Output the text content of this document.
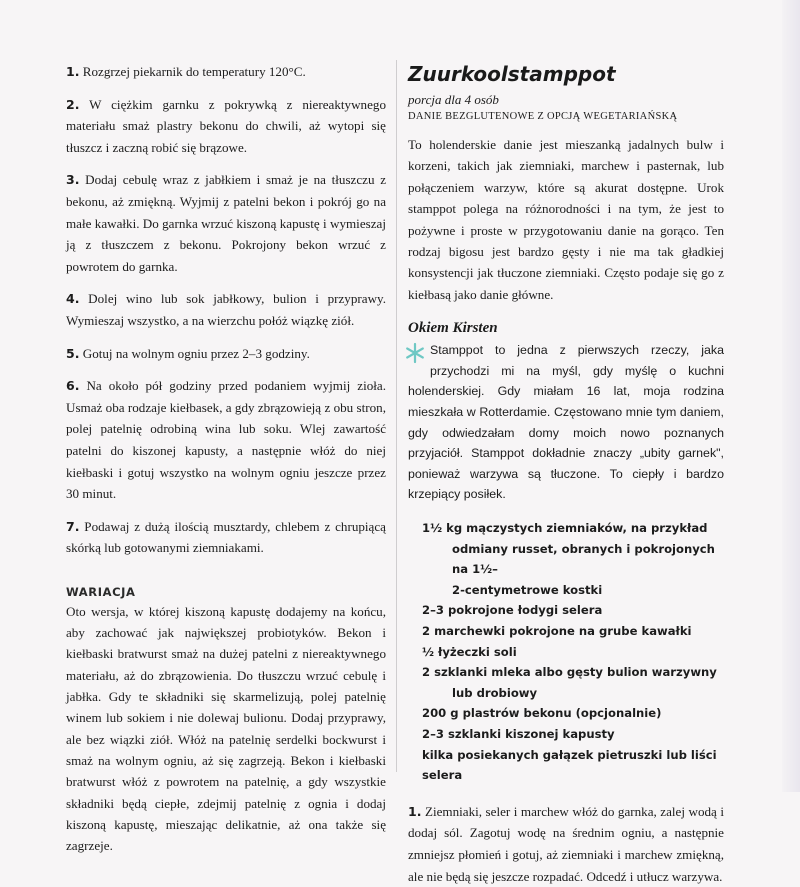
1. Rozgrzej piekarnik do temperatury 120°C.

2. W ciężkim garnku z pokrywką z niereaktywnego materiału smaż plastry bekonu do chwili, aż wytopi się tłuszcz i zaczną robić się brązowe.

3. Dodaj cebulę wraz z jabłkiem i smaż je na tłuszczu z bekonu, aż zmiękną. Wyjmij z patelni bekon i pokrój go na małe kawałki. Do garnka wrzuć kiszoną kapustę i wymieszaj ją z tłuszczem z bekonu. Pokrojony bekon wrzuć z powrotem do garnka.

4. Dolej wino lub sok jabłkowy, bulion i przyprawy. Wymieszaj wszystko, a na wierzchu połóż wiązkę ziół.

5. Gotuj na wolnym ogniu przez 2–3 godziny.

6. Na około pół godziny przed podaniem wyjmij zioła. Usmaż oba rodzaje kiełbasek, a gdy zbrązowieją z obu stron, polej patelnię odrobiną wina lub soku. Wlej zawartość patelni do kiszonej kapusty, a następnie włóż do niej kiełbaski i gotuj wszystko na wolnym ogniu jeszcze przez 30 minut.

7. Podawaj z dużą ilością musztardy, chlebem z chrupiącą skórką lub gotowanymi ziemniakami.

WARIACJA

Oto wersja, w której kiszoną kapustę dodajemy na końcu, aby zachować jak największej probiotyków. Bekon i kiełbaski bratwurst smaż na dużej patelni z niereaktywnego materiału, aż do zbrązowienia. Do tłuszczu wrzuć cebulę i jabłka. Gdy te składniki się skarmelizują, polej patelnię winem lub sokiem i nie dolewaj bulionu. Dodaj przyprawy, ale bez wiązki ziół. Włóż na patelnię serdelki bockwurst i smaż na wolnym ogniu, aż się zagrzeją. Bekon i kiełbaski bratwurst włóż z powrotem na patelnię, a gdy wszystkie składniki będą ciepłe, zdejmij patelnię z ognia i dodaj kiszoną kapustę, mieszając delikatnie, aż ona także się zagrzeje.

Zuurkoolstamppot

porcja dla 4 osób

DANIE BEZGLUTENOWE Z OPCJĄ WEGETARIAŃSKĄ

To holenderskie danie jest mieszanką jadalnych bulw i korzeni, takich jak ziemniaki, marchew i pasternak, lub połączeniem warzyw, które są akurat dostępne. Urok stamppot polega na różnorodności i na tym, że jest to pożywne i proste w przygotowaniu danie na gorąco. Ten rodzaj bigosu jest bardzo gęsty i nie ma tak gładkiej konsystencji jak tłuczone ziemniaki. Często podaje się go z kiełbasą jako danie główne.

Okiem Kirsten

Stamppot to jedna z pierwszych rzeczy, jaka przychodzi mi na myśl, gdy myślę o kuchni holenderskiej. Gdy miałam 16 lat, moja rodzina mieszkała w Rotterdamie. Częstowano mnie tym daniem, gdy odwiedzałam domy moich nowo poznanych przyjaciół. Stamppot dokładnie znaczy „ubity garnek", ponieważ warzywa są tłuczone. To ciepły i bardzo krzepiący posiłek.

1½ kg mączystych ziemniaków, na przykład
odmiany russet, obranych i pokrojonych na 1½–
2-centymetrowe kostki
2–3 pokrojone łodygi selera
2 marchewki pokrojone na grube kawałki
½ łyżeczki soli
2 szklanki mleka albo gęsty bulion warzywny
lub drobiowy
200 g plastrów bekonu (opcjonalnie)
2–3 szklanki kiszonej kapusty
kilka posiekanych gałązek pietruszki lub liści selera

1. Ziemniaki, seler i marchew włóż do garnka, zalej wodą i dodaj sól. Zagotuj wodę na średnim ogniu, a następnie zmniejsz płomień i gotuj, aż ziemniaki i marchew zmiękną, ale nie będą się jeszcze rozpadać. Odcedź i utłucz warzywa.
